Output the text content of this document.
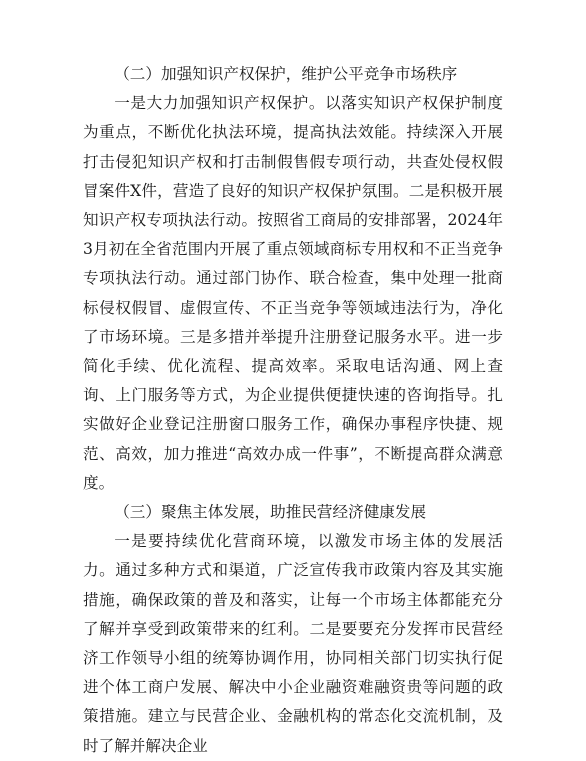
（二）加强知识产权保护，维护公平竞争市场秩序

一是大力加强知识产权保护。以落实知识产权保护制度为重点，不断优化执法环境，提高执法效能。持续深入开展打击侵犯知识产权和打击制假售假专项行动，共查处侵权假冒案件X件，营造了良好的知识产权保护氛围。二是积极开展知识产权专项执法行动。按照省工商局的安排部署，2024年3月初在全省范围内开展了重点领域商标专用权和不正当竞争专项执法行动。通过部门协作、联合检查，集中处理一批商标侵权假冒、虚假宣传、不正当竞争等领域违法行为，净化了市场环境。三是多措并举提升注册登记服务水平。进一步简化手续、优化流程、提高效率。采取电话沟通、网上查询、上门服务等方式，为企业提供便捷快速的咨询指导。扎实做好企业登记注册窗口服务工作，确保办事程序快捷、规范、高效，加力推进“高效办成一件事”，不断提高群众满意度。

（三）聚焦主体发展，助推民营经济健康发展

一是要持续优化营商环境，以激发市场主体的发展活力。通过多种方式和渠道，广泛宣传我市政策内容及其实施措施，确保政策的普及和落实，让每一个市场主体都能充分了解并享受到政策带来的红利。二是要要充分发挥市民营经济工作领导小组的统筹协调作用，协同相关部门切实执行促进个体工商户发展、解决中小企业融资难融资贵等问题的政策措施。建立与民营企业、金融机构的常态化交流机制，及时了解并解决企业
